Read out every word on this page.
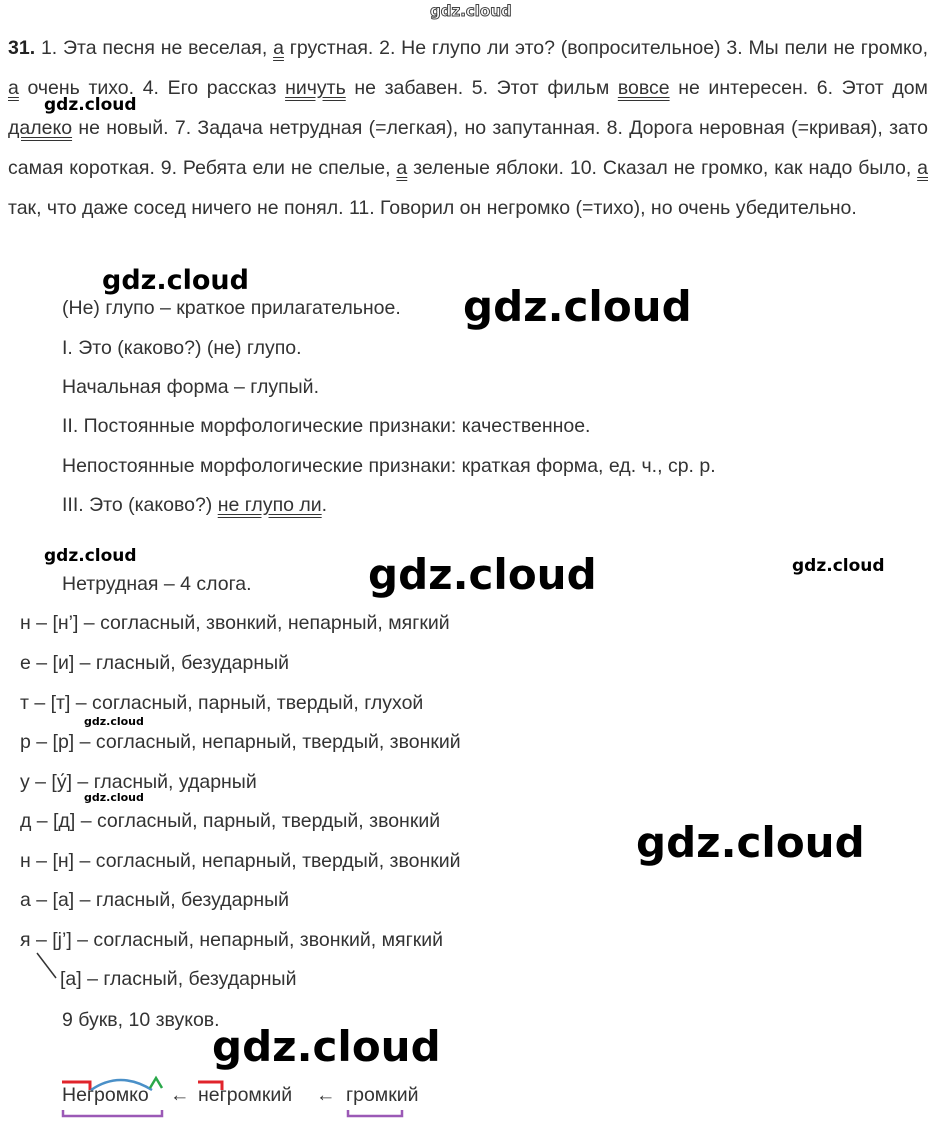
gdz.cloud
gdz.cloud
gdz.cloud
gdz.cloud
gdz.cloud	gdz.cloud	gdz.cloud
gdz.cloud
gdz.cloud
gdz.cloud
gdz.cloud
31. 1. Эта песня не веселая, а грустная. 2. Не глупо ли это? (вопросительное) 3. Мы пели не громко, а очень тихо. 4. Его рассказ ничуть не забавен. 5. Этот фильм вовсе не интересен. 6. Этот дом далеко не новый. 7. Задача нетрудная (=легкая), но запутанная. 8. Дорога неровная (=кривая), зато самая короткая. 9. Ребята ели не спелые, а зеленые яблоки. 10. Сказал не громко, как надо было, а так, что даже сосед ничего не понял. 11. Говорил он негромко (=тихо), но очень убедительно.
(Не) глупо – краткое прилагательное.
I. Это (каково?) (не) глупо.
Начальная форма – глупый.
II. Постоянные морфологические признаки: качественное.
Непостоянные морфологические признаки: краткая форма, ед. ч., ср. р.
III. Это (каково?) не глупо ли.
Нетрудная – 4 слога.
н – [н’] – согласный, звонкий, непарный, мягкий
е – [и] – гласный, безударный
т – [т] – согласный, парный, твердый, глухой
р – [р] – согласный, непарный, твердый, звонкий
у – [у́] – гласный, ударный
д – [д] – согласный, парный, твердый, звонкий
н – [н] – согласный, непарный, твердый, звонкий
а – [а] – гласный, безударный
я – [j’] – согласный, непарный, звонкий, мягкий
[а] – гласный, безударный
9 букв, 10 звуков.
Негромко ← негромкий ← громкий
